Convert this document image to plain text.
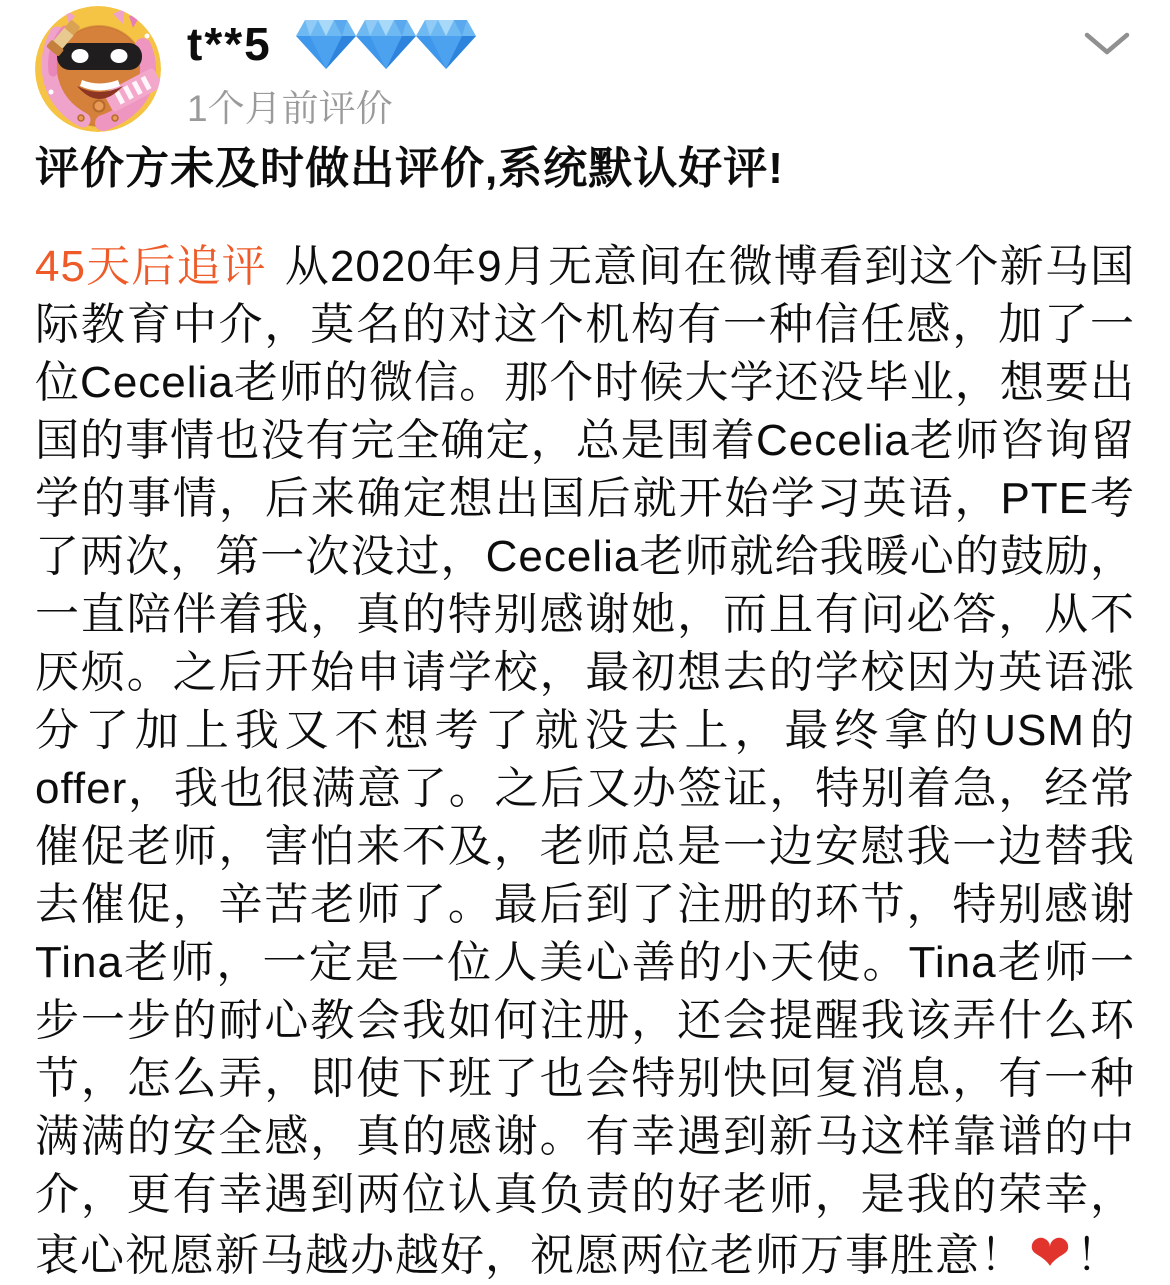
t**5
1个月前评价

评价方未及时做出评价,系统默认好评!

45天后追评 从2020年9月无意间在微博看到这个新马国际教育中介，莫名的对这个机构有一种信任感，加了一位Cecelia老师的微信。那个时候大学还没毕业，想要出国的事情也没有完全确定，总是围着Cecelia老师咨询留学的事情，后来确定想出国后就开始学习英语，PTE考了两次，第一次没过，Cecelia老师就给我暖心的鼓励，一直陪伴着我，真的特别感谢她，而且有问必答，从不厌烦。之后开始申请学校，最初想去的学校因为英语涨分了加上我又不想考了就没去上，最终拿的USM的offer，我也很满意了。之后又办签证，特别着急，经常催促老师，害怕来不及，老师总是一边安慰我一边替我去催促，辛苦老师了。最后到了注册的环节，特别感谢Tina老师，一定是一位人美心善的小天使。Tina老师一步一步的耐心教会我如何注册，还会提醒我该弄什么环节，怎么弄，即使下班了也会特别快回复消息，有一种满满的安全感，真的感谢。有幸遇到新马这样靠谱的中介，更有幸遇到两位认真负责的好老师，是我的荣幸，衷心祝愿新马越办越好，祝愿两位老师万事胜意！❤！
